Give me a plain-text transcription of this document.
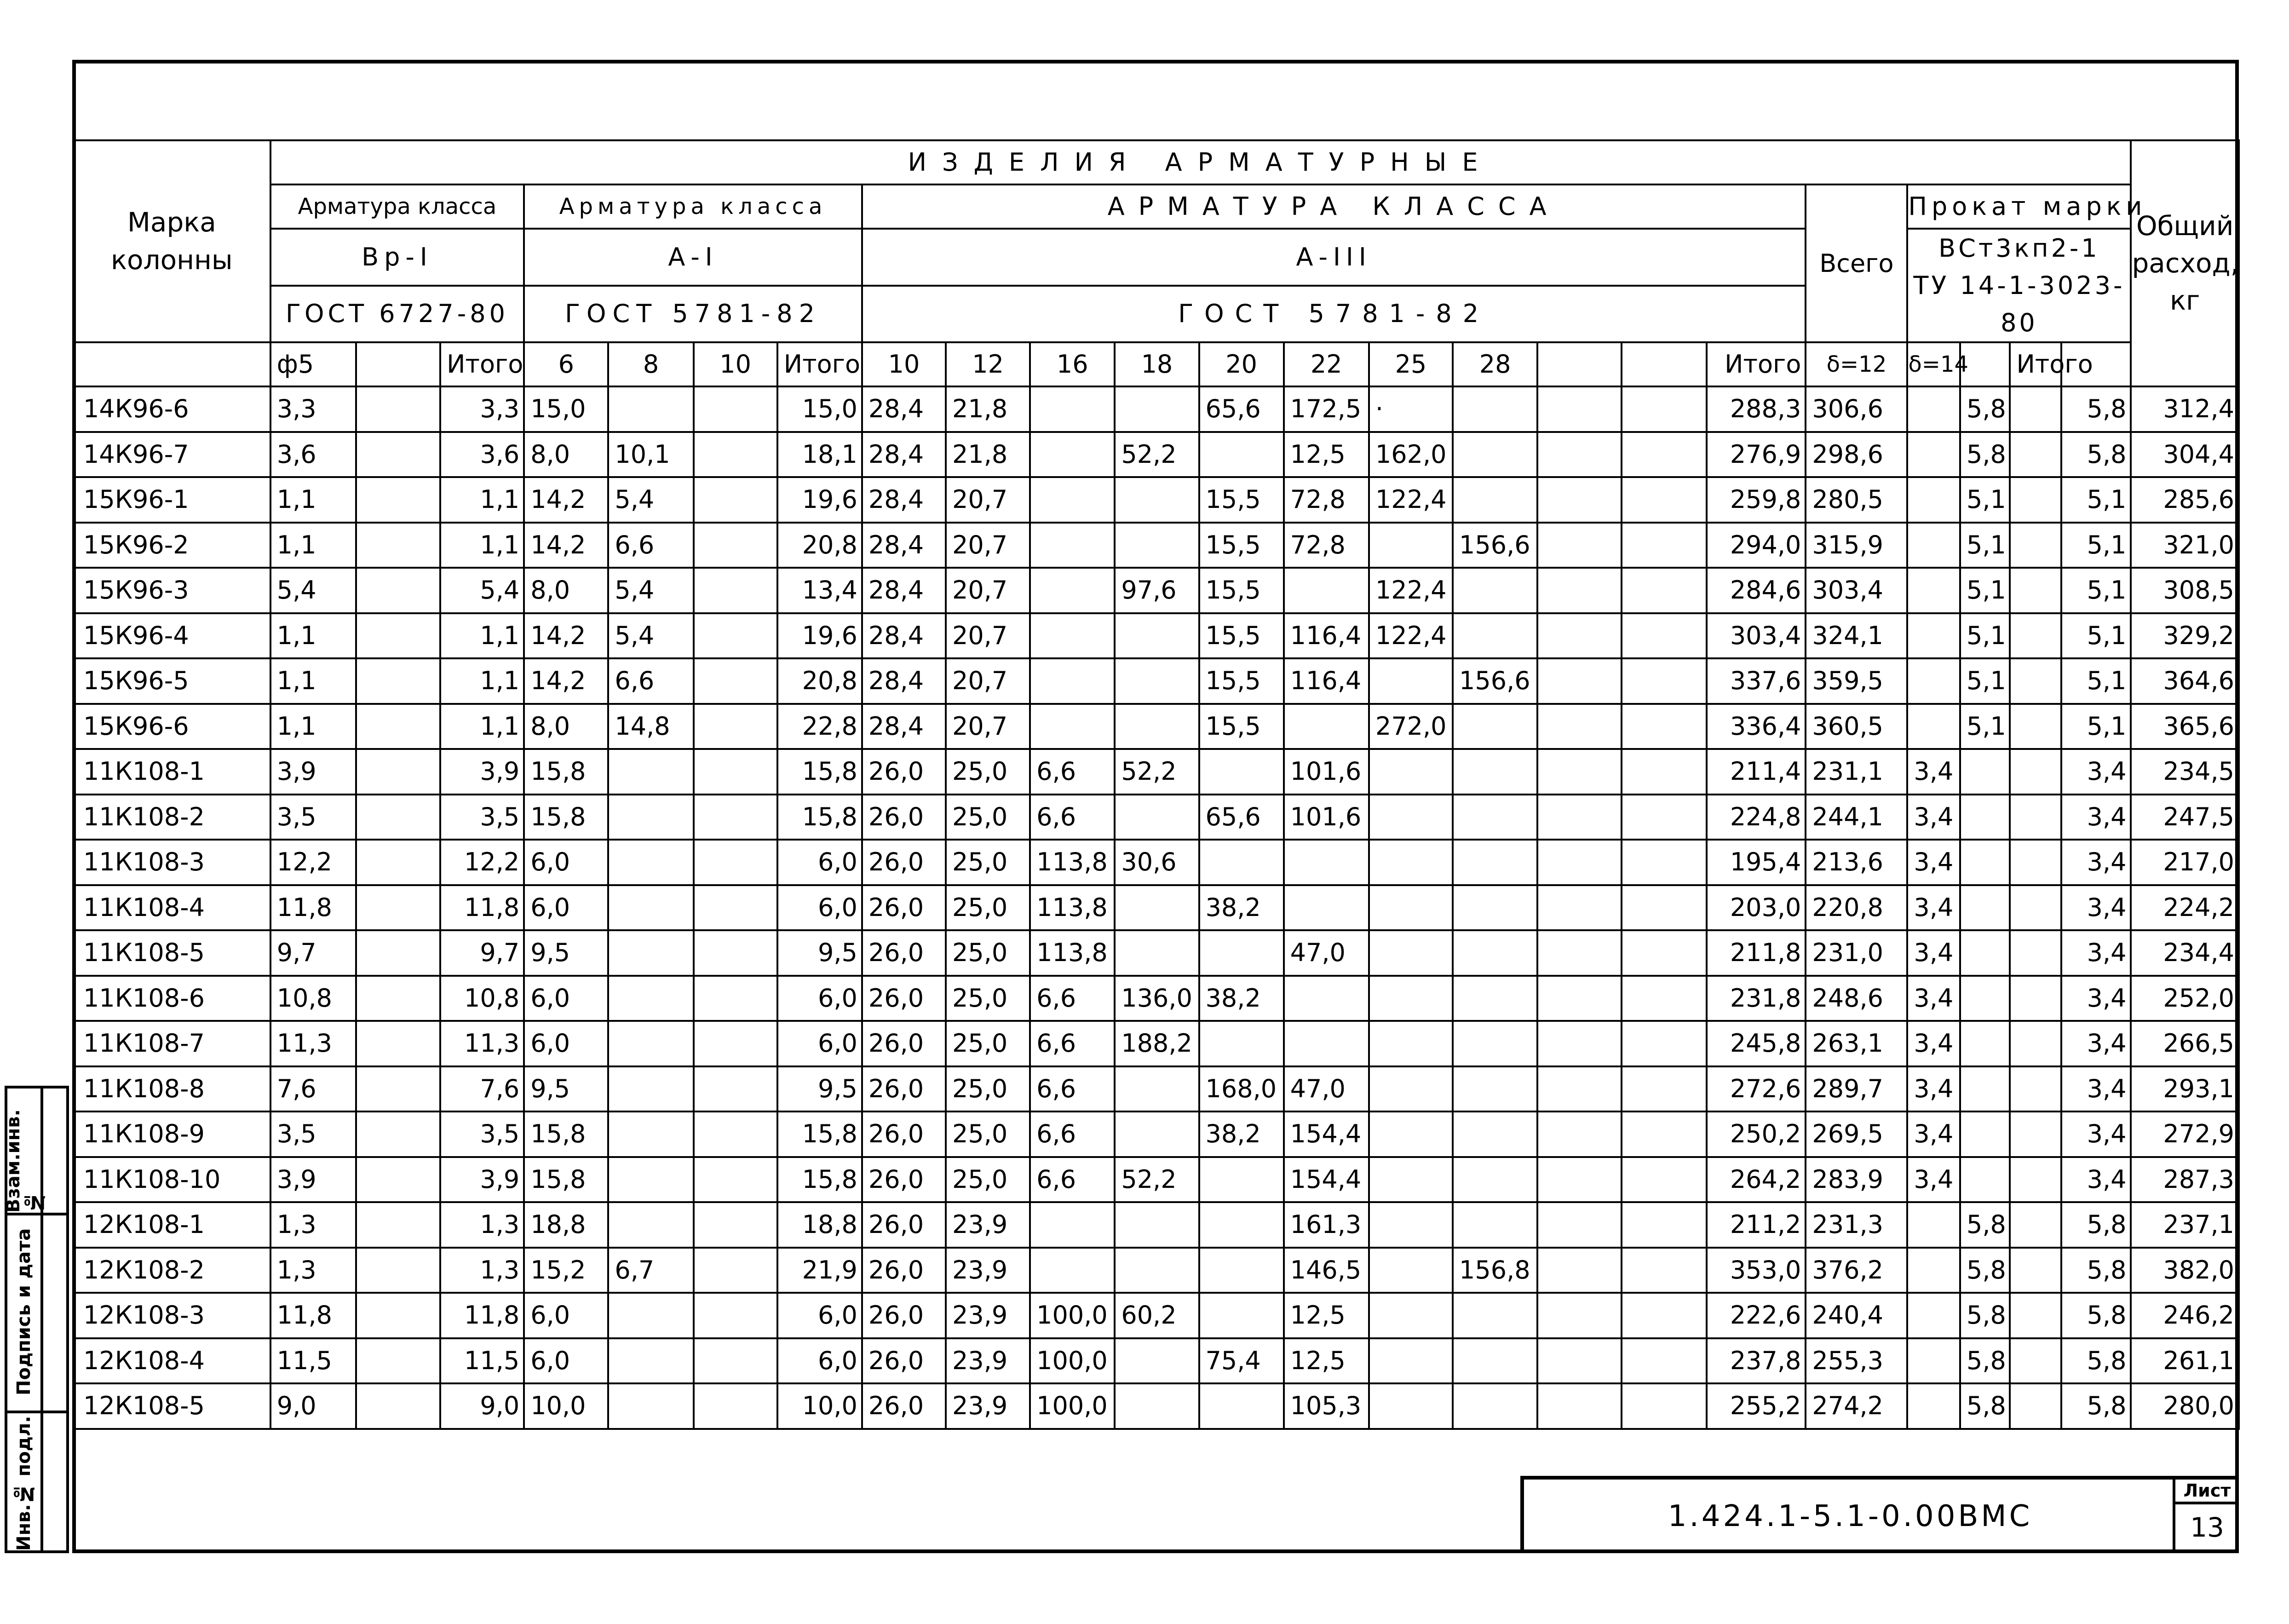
Марка колонны	ИЗДЕЛИЯ АРМАТУРНЫЕ																							Общий расход, кг
	Арматура класса			Арматура класса				АРМАТУРА КЛАССА											Всего	Прокат марки				
	Вр-I			А-I				А-III												ВСт3кп2-1
ТУ 14-1-3023-80				
	ГОСТ 6727-80			ГОСТ 5781-82				ГОСТ 5781-82																
	ф5		Итого	6	8	10	Итого	10	12	16	18	20	22	25	28			Итого	δ=12	δ=14		Итого		
14К96-6	3,3		3,3	15,0			15,0	28,4	21,8			65,6	172,5	·				288,3	306,6		5,8		5,8	312,4
14К96-7	3,6		3,6	8,0	10,1		18,1	28,4	21,8		52,2		12,5	162,0				276,9	298,6		5,8		5,8	304,4
15К96-1	1,1		1,1	14,2	5,4		19,6	28,4	20,7			15,5	72,8	122,4				259,8	280,5		5,1		5,1	285,6
15К96-2	1,1		1,1	14,2	6,6		20,8	28,4	20,7			15,5	72,8		156,6			294,0	315,9		5,1		5,1	321,0
15К96-3	5,4		5,4	8,0	5,4		13,4	28,4	20,7		97,6	15,5		122,4				284,6	303,4		5,1		5,1	308,5
15К96-4	1,1		1,1	14,2	5,4		19,6	28,4	20,7			15,5	116,4	122,4				303,4	324,1		5,1		5,1	329,2
15К96-5	1,1		1,1	14,2	6,6		20,8	28,4	20,7			15,5	116,4		156,6			337,6	359,5		5,1		5,1	364,6
15К96-6	1,1		1,1	8,0	14,8		22,8	28,4	20,7			15,5		272,0				336,4	360,5		5,1		5,1	365,6
11К108-1	3,9		3,9	15,8			15,8	26,0	25,0	6,6	52,2		101,6					211,4	231,1	3,4			3,4	234,5
11К108-2	3,5		3,5	15,8			15,8	26,0	25,0	6,6		65,6	101,6					224,8	244,1	3,4			3,4	247,5
11К108-3	12,2		12,2	6,0			6,0	26,0	25,0	113,8	30,6							195,4	213,6	3,4			3,4	217,0
11К108-4	11,8		11,8	6,0			6,0	26,0	25,0	113,8		38,2						203,0	220,8	3,4			3,4	224,2
11К108-5	9,7		9,7	9,5			9,5	26,0	25,0	113,8			47,0					211,8	231,0	3,4			3,4	234,4
11К108-6	10,8		10,8	6,0			6,0	26,0	25,0	6,6	136,0	38,2						231,8	248,6	3,4			3,4	252,0
11К108-7	11,3		11,3	6,0			6,0	26,0	25,0	6,6	188,2							245,8	263,1	3,4			3,4	266,5
11К108-8	7,6		7,6	9,5			9,5	26,0	25,0	6,6		168,0	47,0					272,6	289,7	3,4			3,4	293,1
11К108-9	3,5		3,5	15,8			15,8	26,0	25,0	6,6		38,2	154,4					250,2	269,5	3,4			3,4	272,9
11К108-10	3,9		3,9	15,8			15,8	26,0	25,0	6,6	52,2		154,4					264,2	283,9	3,4			3,4	287,3
12К108-1	1,3		1,3	18,8			18,8	26,0	23,9				161,3					211,2	231,3		5,8		5,8	237,1
12К108-2	1,3		1,3	15,2	6,7		21,9	26,0	23,9				146,5		156,8			353,0	376,2		5,8		5,8	382,0
12К108-3	11,8		11,8	6,0			6,0	26,0	23,9	100,0	60,2		12,5					222,6	240,4		5,8		5,8	246,2
12К108-4	11,5		11,5	6,0			6,0	26,0	23,9	100,0		75,4	12,5					237,8	255,3		5,8		5,8	261,1
12К108-5	9,0		9,0	10,0			10,0	26,0	23,9	100,0			105,3					255,2	274,2		5,8		5,8	280,0
Взам.инв.№
Подпись и дата
Инв.№ подл.	1.424.1-5.1-0.00ВМС
Лист
13
